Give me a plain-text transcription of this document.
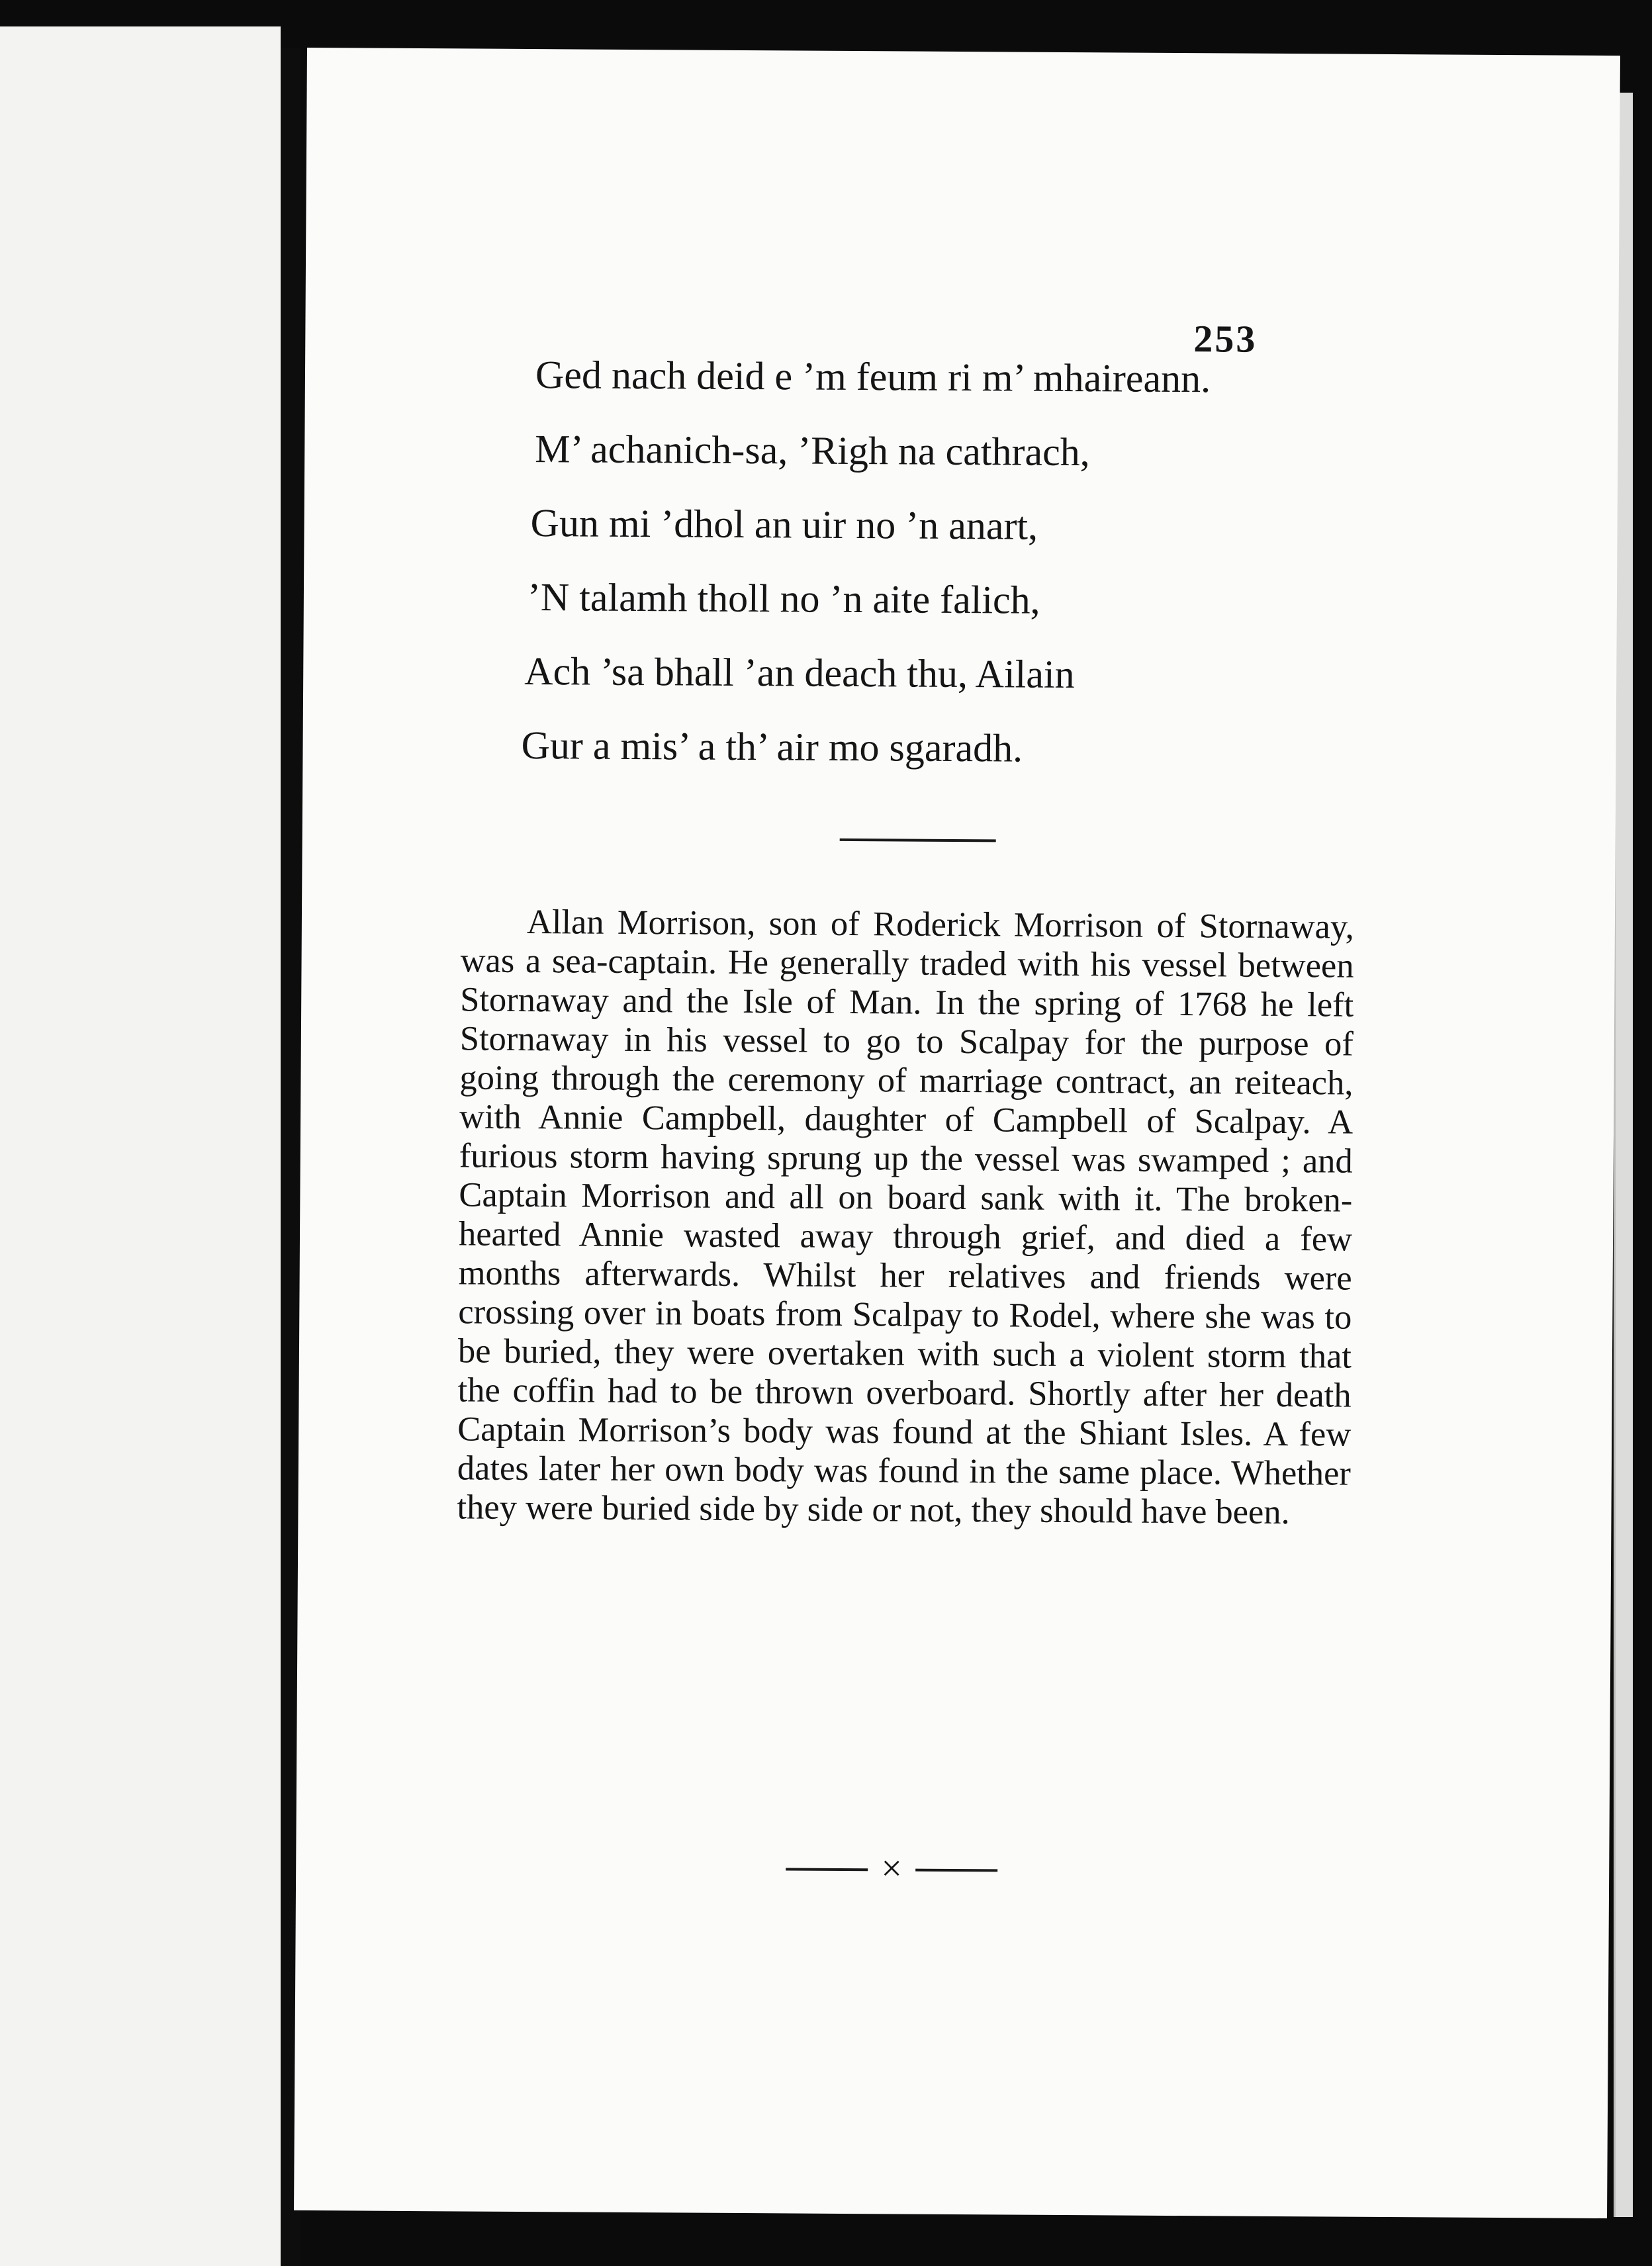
253
Ged nach deid e ’m feum ri m’ mhaireann.
M’ achanich-sa, ’Righ na cathrach,
Gun mi ’dhol an uir no ’n anart,
’N talamh tholl no ’n aite falich,
Ach ’sa bhall ’an deach thu, Ailain
Gur a mis’ a th’ air mo sgaradh.

Allan Morrison, son of Roderick Morrison of Stornaway, was a sea-captain. He generally traded with his vessel between Stornaway and the Isle of Man. In the spring of 1768 he left Stornaway in his vessel to go to Scalpay for the purpose of going through the ceremony of marriage contract, an reiteach, with Annie Campbell, daughter of Campbell of Scalpay. A furious storm having sprung up the vessel was swamped ; and Captain Morrison and all on board sank with it. The broken-hearted Annie wasted away through grief, and died a few months afterwards. Whilst her relatives and friends were crossing over in boats from Scalpay to Rodel, where she was to be buried, they were overtaken with such a violent storm that the coffin had to be thrown overboard. Shortly after her death Captain Morrison’s body was found at the Shiant Isles. A few dates later her own body was found in the same place. Whether they were buried side by side or not, they should have been.

×
